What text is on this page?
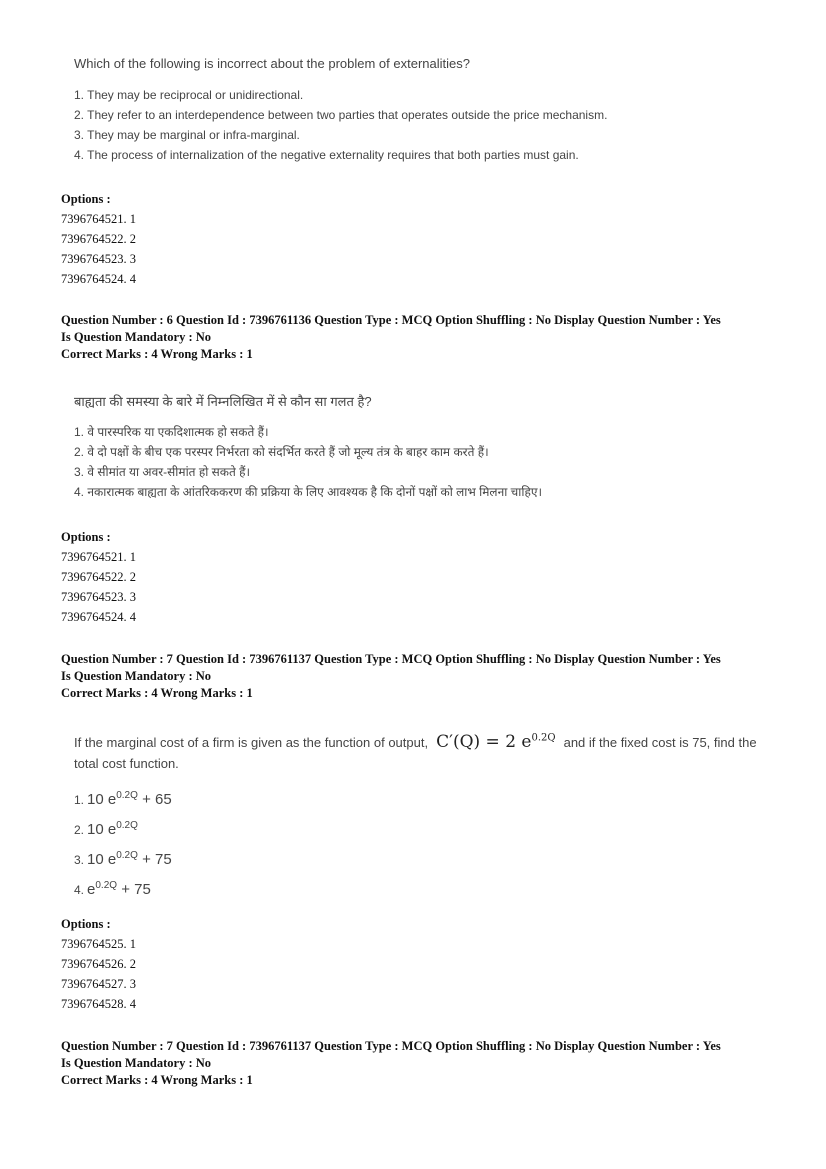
Which of the following is incorrect about the problem of externalities?

1. They may be reciprocal or unidirectional.
2. They refer to an interdependence between two parties that operates outside the price mechanism.
3. They may be marginal or infra-marginal.
4. The process of internalization of the negative externality requires that both parties must gain.
Options :
7396764521. 1
7396764522. 2
7396764523. 3
7396764524. 4
Question Number : 6 Question Id : 7396761136 Question Type : MCQ Option Shuffling : No Display Question Number : Yes
Is Question Mandatory : No
Correct Marks : 4 Wrong Marks : 1

बाह्यता की समस्या के बारे में निम्नलिखित में से कौन सा गलत है?

1. वे पारस्परिक या एकदिशात्मक हो सकते हैं।
2. वे दो पक्षों के बीच एक परस्पर निर्भरता को संदर्भित करते हैं जो मूल्य तंत्र के बाहर काम करते हैं।
3. वे सीमांत या अवर-सीमांत हो सकते हैं।
4. नकारात्मक बाह्यता के आंतरिककरण की प्रक्रिया के लिए आवश्यक है कि दोनों पक्षों को लाभ मिलना चाहिए।
Options :
7396764521. 1
7396764522. 2
7396764523. 3
7396764524. 4
Question Number : 7 Question Id : 7396761137 Question Type : MCQ Option Shuffling : No Display Question Number : Yes
Is Question Mandatory : No
Correct Marks : 4 Wrong Marks : 1
If the marginal cost of a firm is given as the function of output, C′(Q) = 2 $e^{0.2Q}$ and if the fixed cost is 75, find the

total cost function.

1. 10 $e^{0.2Q} + 65$
2. 10 $e^{0.2Q}$
3. 10 $e^{0.2Q} + 75$
4. $e^{0.2Q} + 75$
Options :
7396764525. 1
7396764526. 2
7396764527. 3
7396764528. 4
Question Number : 7 Question Id : 7396761137 Question Type : MCQ Option Shuffling : No Display Question Number : Yes
Is Question Mandatory : No
Correct Marks : 4 Wrong Marks : 1
